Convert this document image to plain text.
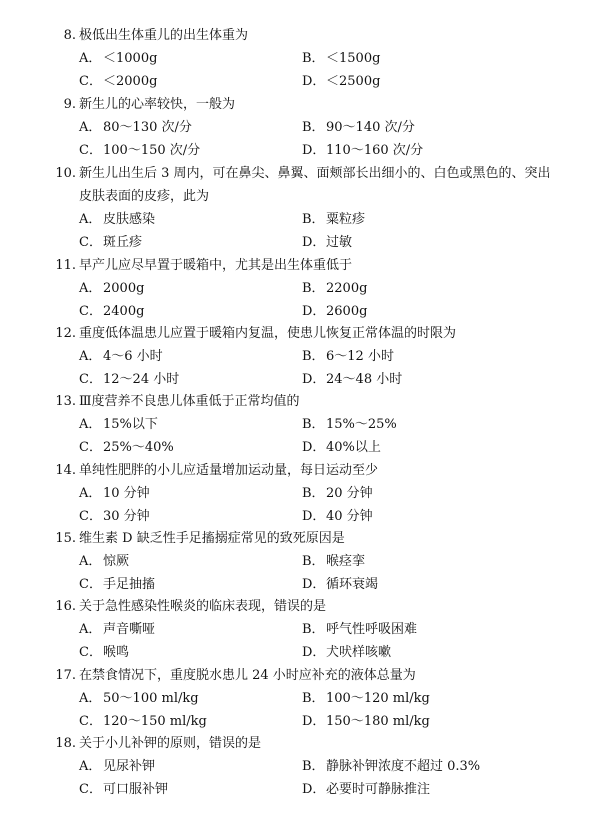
8. 极低出生体重儿的出生体重为
A． ＜1000g	B．＜1500g
C．＜2000g	D．＜2500g
9. 新生儿的心率较快，一般为
A． 80～130 次/分	B．90～140 次/分
C．100～150 次/分	D．110～160 次/分
10. 新生儿出生后 3 周内，可在鼻尖、鼻翼、面颊部长出细小的、白色或黑色的、突出
皮肤表面的皮疹，此为
A． 皮肤感染	B．粟粒疹
C．斑丘疹	D．过敏
11. 早产儿应尽早置于暖箱中，尤其是出生体重低于
A． 2000g	B．2200g
C．2400g	D．2600g
12. 重度低体温患儿应置于暖箱内复温，使患儿恢复正常体温的时限为
A． 4～6 小时	B．6～12 小时
C．12～24 小时	D．24～48 小时
13. Ⅲ度营养不良患儿体重低于正常均值的
A． 15%以下	B．15%～25%
C．25%～40%	D．40%以上
14. 单纯性肥胖的小儿应适量增加运动量，每日运动至少
A． 10 分钟	B．20 分钟
C．30 分钟	D．40 分钟
15. 维生素 D 缺乏性手足搐搦症常见的致死原因是
A． 惊厥	B．喉痉挛
C．手足抽搐	D．循环衰竭
16. 关于急性感染性喉炎的临床表现，错误的是
A． 声音嘶哑	B．呼气性呼吸困难
C．喉鸣	D．犬吠样咳嗽
17. 在禁食情况下，重度脱水患儿 24 小时应补充的液体总量为
A． 50～100 ml/kg	B．100～120 ml/kg
C．120～150 ml/kg	D．150～180 ml/kg
18. 关于小儿补钾的原则，错误的是
A． 见尿补钾	B．静脉补钾浓度不超过 0.3%
C．可口服补钾	D．必要时可静脉推注
